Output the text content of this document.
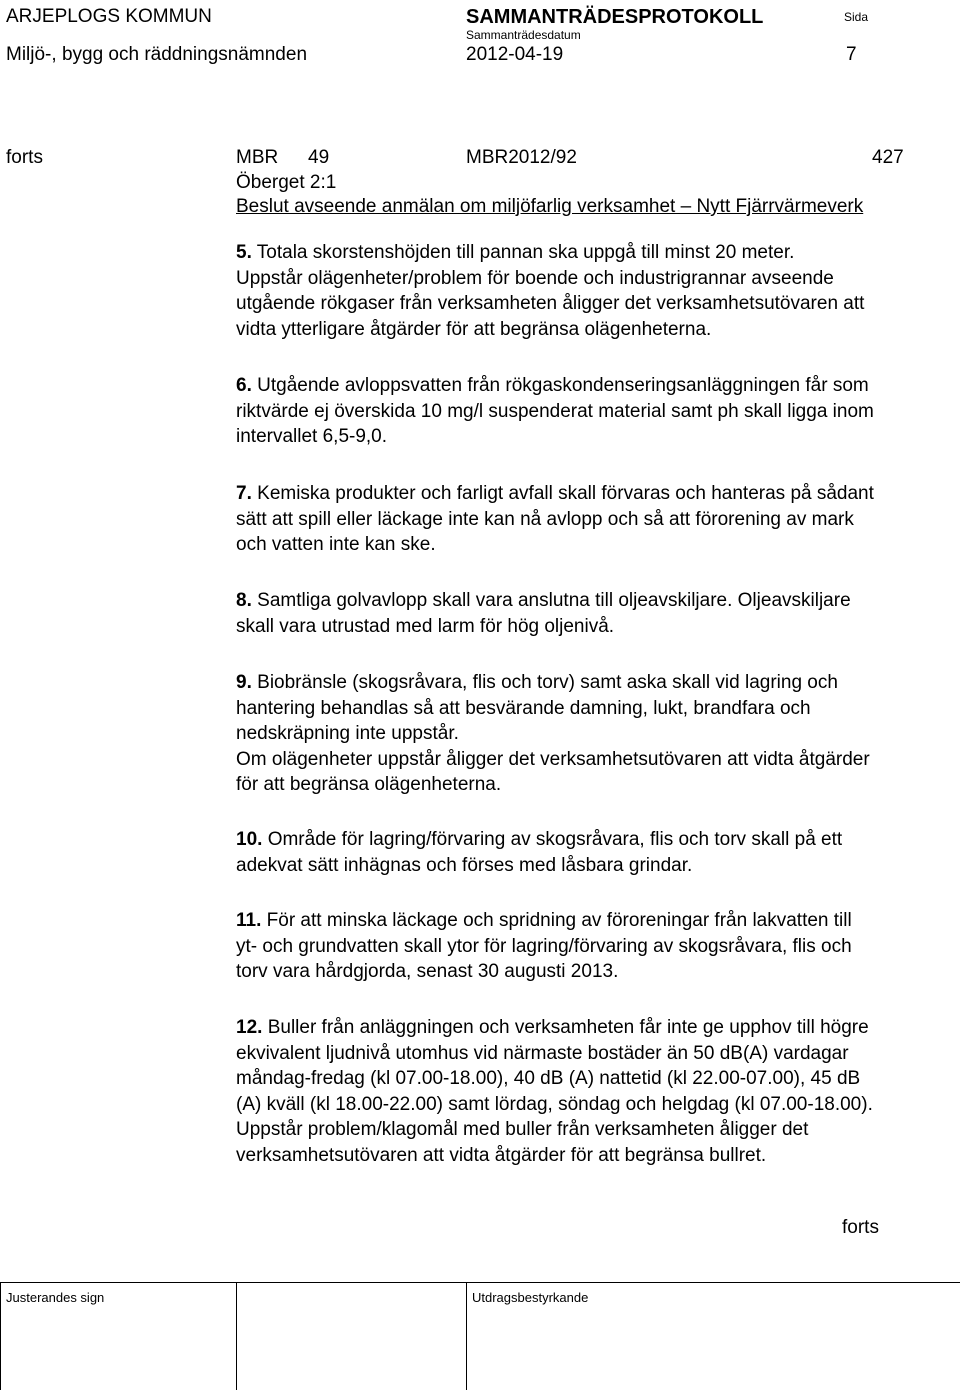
ARJEPLOGS KOMMUN	SAMMANTRÄDESPROTOKOLL	Sida
Sammanträdesdatum
Miljö-, bygg och räddningsnämnden	2012-04-19	7
forts	MBR 49	MBR2012/92	427
Öberget 2:1
Beslut avseende anmälan om miljöfarlig verksamhet – Nytt Fjärrvärmeverk

5. Totala skorstenshöjden till pannan ska uppgå till minst 20 meter.

Uppstår olägenheter/problem för boende och industrigrannar avseende

utgående rökgaser från verksamheten åligger det verksamhetsutövaren att

vidta ytterligare åtgärder för att begränsa olägenheterna.

6. Utgående avloppsvatten från rökgaskondenseringsanläggningen får som

riktvärde ej överskida 10 mg/l suspenderat material samt ph skall ligga inom

intervallet 6,5-9,0.

7. Kemiska produkter och farligt avfall skall förvaras och hanteras på sådant

sätt att spill eller läckage inte kan nå avlopp och så att förorening av mark

och vatten inte kan ske.

8. Samtliga golvavlopp skall vara anslutna till oljeavskiljare. Oljeavskiljare

skall vara utrustad med larm för hög oljenivå.

9. Biobränsle (skogsråvara, flis och torv) samt aska skall vid lagring och

hantering behandlas så att besvärande damning, lukt, brandfara och

nedskräpning inte uppstår.

Om olägenheter uppstår åligger det verksamhetsutövaren att vidta åtgärder

för att begränsa olägenheterna.

10. Område för lagring/förvaring av skogsråvara, flis och torv skall på ett

adekvat sätt inhägnas och förses med låsbara grindar.

11. För att minska läckage och spridning av föroreningar från lakvatten till

yt- och grundvatten skall ytor för lagring/förvaring av skogsråvara, flis och

torv vara hårdgjorda, senast 30 augusti 2013.

12. Buller från anläggningen och verksamheten får inte ge upphov till högre

ekvivalent ljudnivå utomhus vid närmaste bostäder än 50 dB(A) vardagar

måndag-fredag (kl 07.00-18.00), 40 dB (A) nattetid (kl 22.00-07.00), 45 dB

(A) kväll (kl 18.00-22.00) samt lördag, söndag och helgdag (kl 07.00-18.00).

Uppstår problem/klagomål med buller från verksamheten åligger det

verksamhetsutövaren att vidta åtgärder för att begränsa bullret.

forts
Justerandes sign	Utdragsbestyrkande
